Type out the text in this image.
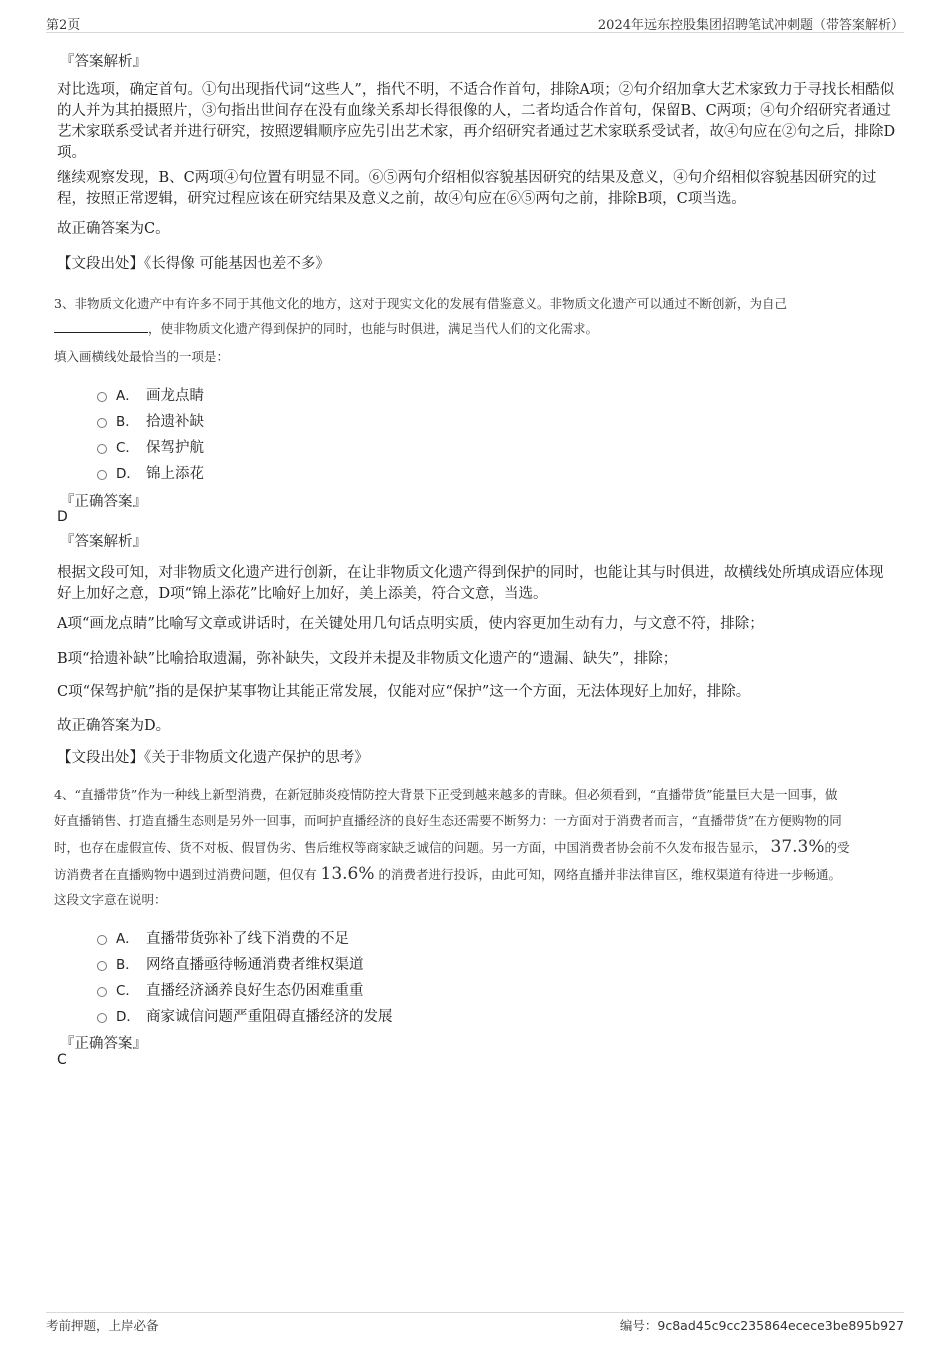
第2页	2024年远东控股集团招聘笔试冲刺题（带答案解析）
『答案解析』
对比选项，确定首句。①句出现指代词“这些人”，指代不明，不适合作首句，排除A项；②句介绍加拿大艺术家致力于寻找长相酷似的人并为其拍摄照片，③句指出世间存在没有血缘关系却长得很像的人，二者均适合作首句，保留B、C两项；④句介绍研究者通过艺术家联系受试者并进行研究，按照逻辑顺序应先引出艺术家，再介绍研究者通过艺术家联系受试者，故④句应在②句之后，排除D项。
继续观察发现，B、C两项④句位置有明显不同。⑥⑤两句介绍相似容貌基因研究的结果及意义，④句介绍相似容貌基因研究的过程，按照正常逻辑，研究过程应该在研究结果及意义之前，故④句应在⑥⑤两句之前，排除B项，C项当选。
故正确答案为C。
【文段出处】《长得像 可能基因也差不多》
3、非物质文化遗产中有许多不同于其他文化的地方，这对于现实文化的发展有借鉴意义。非物质文化遗产可以通过不断创新，为自己
，使非物质文化遗产得到保护的同时，也能与时俱进，满足当代人们的文化需求。
填入画横线处最恰当的一项是：
A． 画龙点睛
B． 拾遗补缺
C． 保驾护航
D． 锦上添花
『正确答案』
D
『答案解析』
根据文段可知，对非物质文化遗产进行创新，在让非物质文化遗产得到保护的同时，也能让其与时俱进，故横线处所填成语应体现好上加好之意，D项“锦上添花”比喻好上加好，美上添美，符合文意，当选。
A项“画龙点睛”比喻写文章或讲话时，在关键处用几句话点明实质，使内容更加生动有力，与文意不符，排除；
B项“拾遗补缺”比喻拾取遗漏，弥补缺失，文段并未提及非物质文化遗产的“遗漏、缺失”，排除；
C项“保驾护航”指的是保护某事物让其能正常发展，仅能对应“保护”这一个方面，无法体现好上加好，排除。
故正确答案为D。
【文段出处】《关于非物质文化遗产保护的思考》
4、“直播带货”作为一种线上新型消费，在新冠肺炎疫情防控大背景下正受到越来越多的青睐。但必须看到，“直播带货”能量巨大是一回事，做
好直播销售、打造直播生态则是另外一回事，而呵护直播经济的良好生态还需要不断努力：一方面对于消费者而言，“直播带货”在方便购物的同
时，也存在虚假宣传、货不对板、假冒伪劣、售后维权等商家缺乏诚信的问题。另一方面，中国消费者协会前不久发布报告显示， 37.3%的受
访消费者在直播购物中遇到过消费问题，但仅有 13.6% 的消费者进行投诉，由此可知，网络直播并非法律盲区，维权渠道有待进一步畅通。
这段文字意在说明：
A． 直播带货弥补了线下消费的不足
B． 网络直播亟待畅通消费者维权渠道
C． 直播经济涵养良好生态仍困难重重
D． 商家诚信问题严重阻碍直播经济的发展
『正确答案』
C
考前押题，上岸必备	编号：9c8ad45c9cc235864ecece3be895b927
